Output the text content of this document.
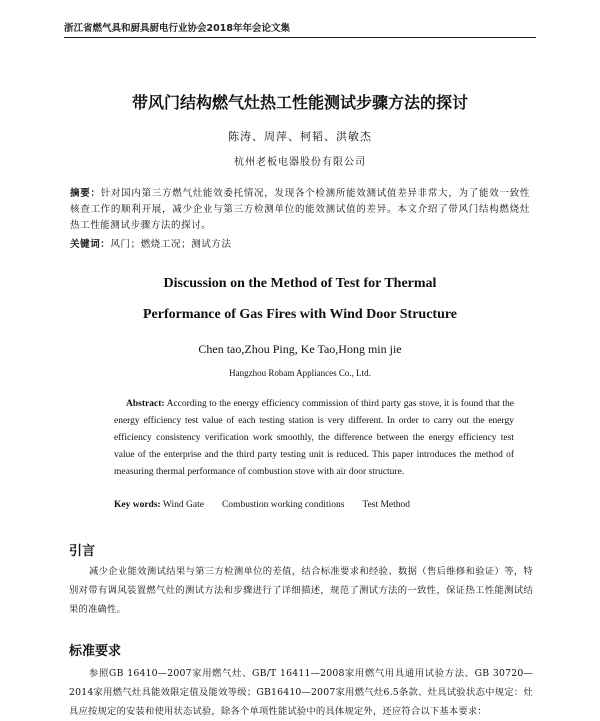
浙江省燃气具和厨具厨电行业协会2018年年会论文集
带风门结构燃气灶热工性能测试步骤方法的探讨
陈涛、周萍、柯韬、洪敏杰
杭州老板电器股份有限公司
摘要：针对国内第三方燃气灶能效委托情况，发现各个检测所能效测试值差异非常大，为了能效一致性核查工作的顺利开展，减少企业与第三方检测单位的能效测试值的差异。本文介绍了带风门结构燃烧灶热工性能测试步骤方法的探讨。
关键词：风门；燃烧工况；测试方法
Discussion on the Method of Test for Thermal
Performance of Gas Fires with Wind Door Structure
Chen tao,Zhou Ping, Ke Tao,Hong min jie
Hangzhou Robam Appliances Co., Ltd.
Abstract: According to the energy efficiency commission of third party gas stove, it is found that the energy efficiency test value of each testing station is very different. In order to carry out the energy efficiency consistency verification work smoothly, the difference between the energy efficiency test value of the enterprise and the third party testing unit is reduced. This paper introduces the method of measuring thermal performance of combustion stove with air door structure.
Key words: Wind Gate Combustion working conditions Test Method
引言

减少企业能效测试结果与第三方检测单位的差值，结合标准要求和经验、数据（售后维修和验证）等，特别对带有调风装置燃气灶的测试方法和步骤进行了详细描述，规范了测试方法的一致性，保证热工性能测试结果的准确性。

标准要求

参照GB 16410—2007家用燃气灶、GB/T 16411—2008家用燃气用具通用试验方法、GB 30720—2014家用燃气灶具能效限定值及能效等级；GB16410—2007家用燃气灶6.5条款、灶具试验状态中规定：灶具应按规定的安装和使用状态试验，除各个单项性能试验中的具体规定外，还应符合以下基本要求：
